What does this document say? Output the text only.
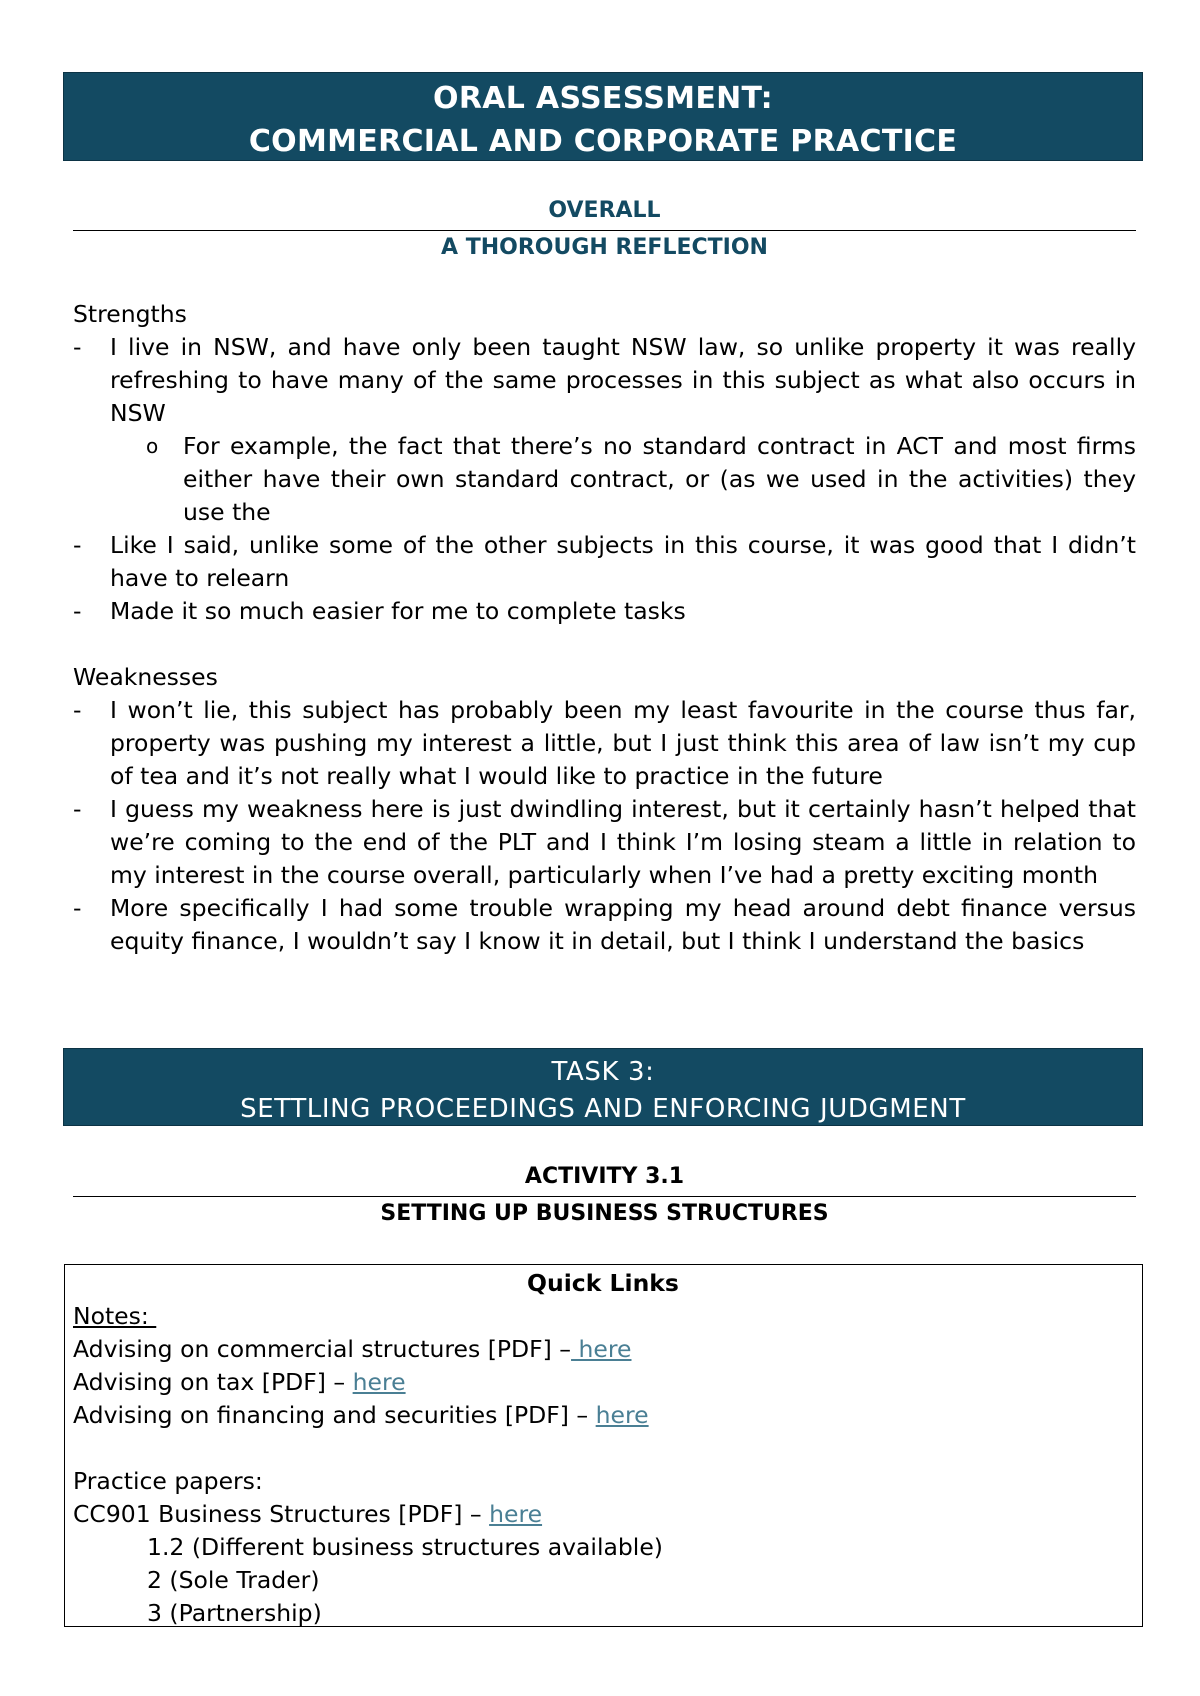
ORAL ASSESSMENT:
COMMERCIAL AND CORPORATE PRACTICE
OVERALL
A THOROUGH REFLECTION

Strengths

- I live in NSW, and have only been taught NSW law, so unlike property it was really refreshing to have many of the same processes in this subject as what also occurs in NSW
o For example, the fact that there’s no standard contract in ACT and most firms either have their own standard contract, or (as we used in the activities) they use the
- Like I said, unlike some of the other subjects in this course, it was good that I didn’t have to relearn
- Made it so much easier for me to complete tasks

Weaknesses

- I won’t lie, this subject has probably been my least favourite in the course thus far, property was pushing my interest a little, but I just think this area of law isn’t my cup of tea and it’s not really what I would like to practice in the future
- I guess my weakness here is just dwindling interest, but it certainly hasn’t helped that we’re coming to the end of the PLT and I think I’m losing steam a little in relation to my interest in the course overall, particularly when I’ve had a pretty exciting month
- More specifically I had some trouble wrapping my head around debt finance versus equity finance, I wouldn’t say I know it in detail, but I think I understand the basics
TASK 3:
SETTLING PROCEEDINGS AND ENFORCING JUDGMENT
ACTIVITY 3.1
SETTING UP BUSINESS STRUCTURES
Quick Links
Notes:
Advising on commercial structures [PDF] – here
Advising on tax [PDF] – here
Advising on financing and securities [PDF] – here
Practice papers:
CC901 Business Structures [PDF] – here
1.2 (Different business structures available)
2 (Sole Trader)
3 (Partnership)
